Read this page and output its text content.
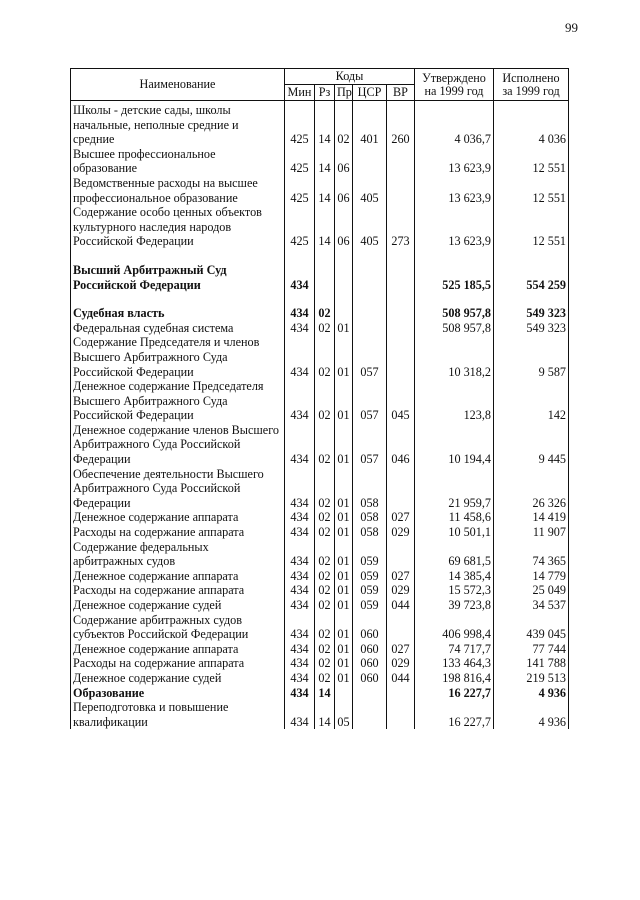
99
Наименование	Коды					Утверждено на 1999 год	Исполнено за 1999 год
	Мин	Рз	Пр	ЦСР	ВР		
Школы - детские сады, школы начальные, неполные средние и средние	425	14	02	401	260	4 036,7	4 036
Высшее профессиональное образование	425	14	06			13 623,9	12 551
Ведомственные расходы на высшее профессиональное образование	425	14	06	405		13 623,9	12 551
Содержание особо ценных объектов культурного наследия народов Российской Федерации	425	14	06	405	273	13 623,9	12 551

Высший Арбитражный Суд Российской Федерации	434					525 185,5	554 259

Судебная власть	434	02				508 957,8	549 323
Федеральная судебная система	434	02	01			508 957,8	549 323
Содержание Председателя и членов Высшего Арбитражного Суда Российской Федерации	434	02	01	057		10 318,2	9 587
Денежное содержание Председателя Высшего Арбитражного Суда Российской Федерации	434	02	01	057	045	123,8	142
Денежное содержание членов Высшего Арбитражного Суда Российской Федерации	434	02	01	057	046	10 194,4	9 445
Обеспечение деятельности Высшего Арбитражного Суда Российской Федерации	434	02	01	058		21 959,7	26 326
Денежное содержание аппарата	434	02	01	058	027	11 458,6	14 419
Расходы на содержание аппарата	434	02	01	058	029	10 501,1	11 907
Содержание федеральных арбитражных судов	434	02	01	059		69 681,5	74 365
Денежное содержание аппарата	434	02	01	059	027	14 385,4	14 779
Расходы на содержание аппарата	434	02	01	059	029	15 572,3	25 049
Денежное содержание судей	434	02	01	059	044	39 723,8	34 537
Содержание арбитражных судов субъектов Российской Федерации	434	02	01	060		406 998,4	439 045
Денежное содержание аппарата	434	02	01	060	027	74 717,7	77 744
Расходы на содержание аппарата	434	02	01	060	029	133 464,3	141 788
Денежное содержание судей	434	02	01	060	044	198 816,4	219 513
Образование	434	14				16 227,7	4 936
Переподготовка и повышение квалификации	434	14	05			16 227,7	4 936
